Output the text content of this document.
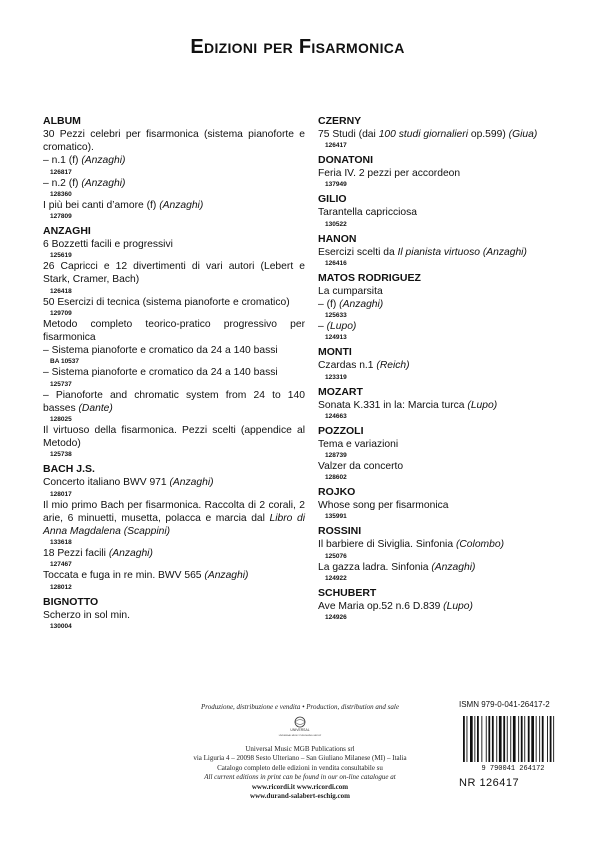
Edizioni per Fisarmonica
ALBUM
30 Pezzi celebri per fisarmonica (sistema pianoforte e cromatico).
– n.1 (f) (Anzaghi)
126817
– n.2 (f) (Anzaghi)
128360
I più bei canti d’amore (f) (Anzaghi)
127809
ANZAGHI
6 Bozzetti facili e progressivi
125619
26 Capricci e 12 divertimenti di vari autori (Lebert e Stark, Cramer, Bach)
126418
50 Esercizi di tecnica (sistema pianoforte e cromatico)
129709
Metodo completo teorico-pratico progressivo per fisarmonica
– Sistema pianoforte e cromatico da 24 a 140 bassi
BA 10537
– Sistema pianoforte e cromatico da 24 a 140 bassi
125737
– Pianoforte and chromatic system from 24 to 140 basses (Dante)
128025
Il virtuoso della fisarmonica. Pezzi scelti (appendice al Metodo)
125738
BACH J.S.
Concerto italiano BWV 971 (Anzaghi)
128017
Il mio primo Bach per fisarmonica. Raccolta di 2 corali, 2 arie, 6 minuetti, musetta, polacca e marcia dal Libro di Anna Magdalena (Scappini)
133618
18 Pezzi facili (Anzaghi)
127467
Toccata e fuga in re min. BWV 565 (Anzaghi)
128012
BIGNOTTO
Scherzo in sol min.
130004
CZERNY
75 Studi (dai 100 studi giornalieri op.599) (Giua)
126417
DONATONI
Feria IV. 2 pezzi per accordeon
137949
GILIO
Tarantella capricciosa
130522
HANON
Esercizi scelti da Il pianista virtuoso (Anzaghi)
126416
MATOS RODRIGUEZ
La cumparsita
– (f) (Anzaghi)
125633
– (Lupo)
124913
MONTI
Czardas n.1 (Reich)
123319
MOZART
Sonata K.331 in la: Marcia turca (Lupo)
124663
POZZOLI
Tema e variazioni
128739
Valzer da concerto
128602
ROJKO
Whose song per fisarmonica
135991
ROSSINI
Il barbiere di Siviglia. Sinfonia (Colombo)
125076
La gazza ladra. Sinfonia (Anzaghi)
124922
SCHUBERT
Ave Maria op.52 n.6 D.839 (Lupo)
124926
Produzione, distribuzione e vendita • Production, distribution and sale
UNIVERSAL
UNIVERSAL MUSIC PUBLISHING GROUP
Universal Music MGB Publications srl
via Liguria 4 – 20098 Sesto Ulteriano – San Giuliano Milanese (MI) – Italia
Catalogo completo delle edizioni in vendita consultabile su
All current editions in print can be found in our on-line catalogue at
www.ricordi.it www.ricordi.com
www.durand-salabert-eschig.com
ISMN 979-0-041-26417-2
9 790041 264172
NR 126417
